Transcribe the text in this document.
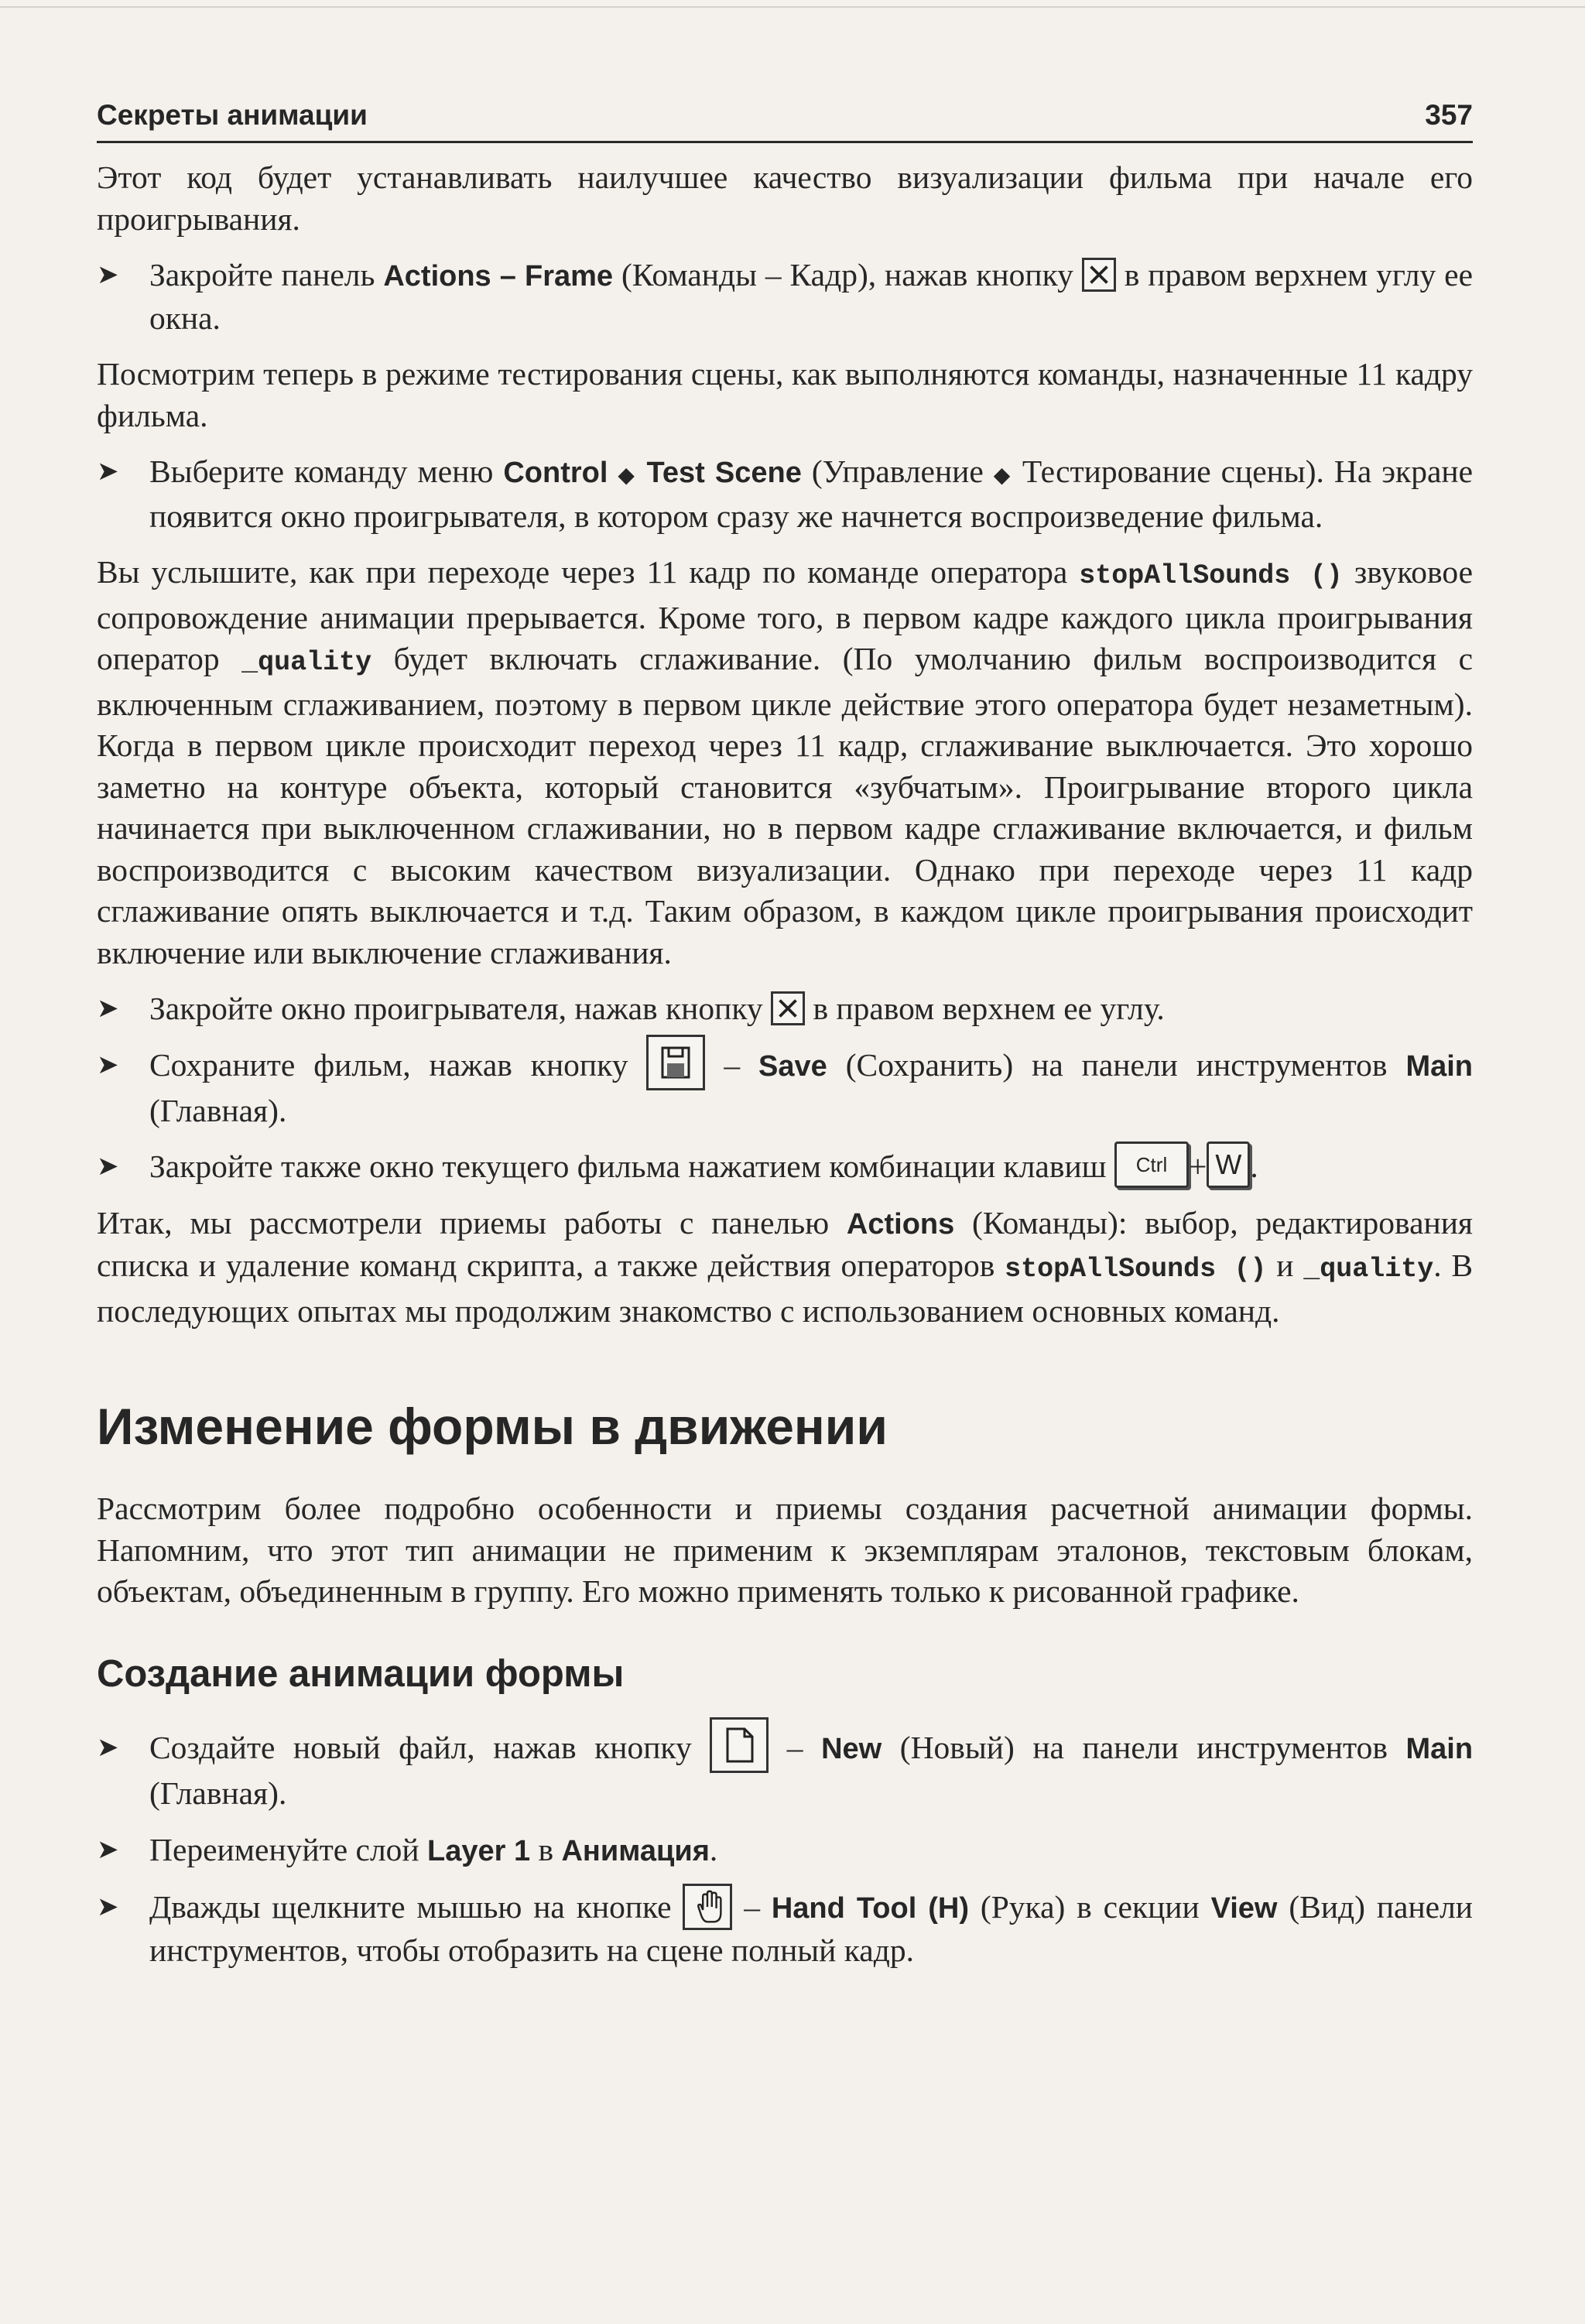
Секреты анимации	357

Этот код будет устанавливать наилучшее качество визуализации фильма при начале его проигрывания.

➤ Закройте панель Actions – Frame (Команды – Кадр), нажав кнопку
в правом верхнем углу ее окна.

Посмотрим теперь в режиме тестирования сцены, как выполняются команды, назначенные 11 кадру фильма.

➤ Выберите команду меню Control ◆ Test Scene (Управление ◆ Тестирование сцены). На экране появится окно проигрывателя, в котором сразу же начнется воспроизведение фильма.

Вы услышите, как при переходе через 11 кадр по команде оператора stopAllSounds () звуковое сопровождение анимации прерывается. Кроме того, в первом кадре каждого цикла проигрывания оператор _quality будет включать сглаживание. (По умолчанию фильм воспроизводится с включенным сглаживанием, поэтому в первом цикле действие этого оператора будет незаметным). Когда в первом цикле происходит переход через 11 кадр, сглаживание выключается. Это хорошо заметно на контуре объекта, который становится «зубчатым». Проигрывание второго цикла начинается при выключенном сглаживании, но в первом кадре сглаживание включается, и фильм воспроизводится с высоким качеством визуализации. Однако при переходе через 11 кадр сглаживание опять выключается и т.д. Таким образом, в каждом цикле проигрывания происходит включение или выключение сглаживания.

➤ Закройте окно проигрывателя, нажав кнопку
в правом верхнем ее углу.

➤ Сохраните фильм, нажав кнопку
– Save (Сохранить) на панели инструментов Main (Главная).

➤ Закройте также окно текущего фильма нажатием комбинации клавиш Ctrl + W .

Итак, мы рассмотрели приемы работы с панелью Actions (Команды): выбор, редактирования списка и удаление команд скрипта, а также действия операторов stopAllSounds () и _quality. В последующих опытах мы продолжим знакомство с использованием основных команд.

Изменение формы в движении

Рассмотрим более подробно особенности и приемы создания расчетной анимации формы. Напомним, что этот тип анимации не применим к экземплярам эталонов, текстовым блокам, объектам, объединенным в группу. Его можно применять только к рисованной графике.

Создание анимации формы

➤ Создайте новый файл, нажав кнопку
– New (Новый) на панели инструментов Main (Главная).

➤ Переименуйте слой Layer 1 в Анимация.

➤ Дважды щелкните мышью на кнопке
– Hand Tool (H) (Рука) в секции View (Вид) панели инструментов, чтобы отобразить на сцене полный кадр.
